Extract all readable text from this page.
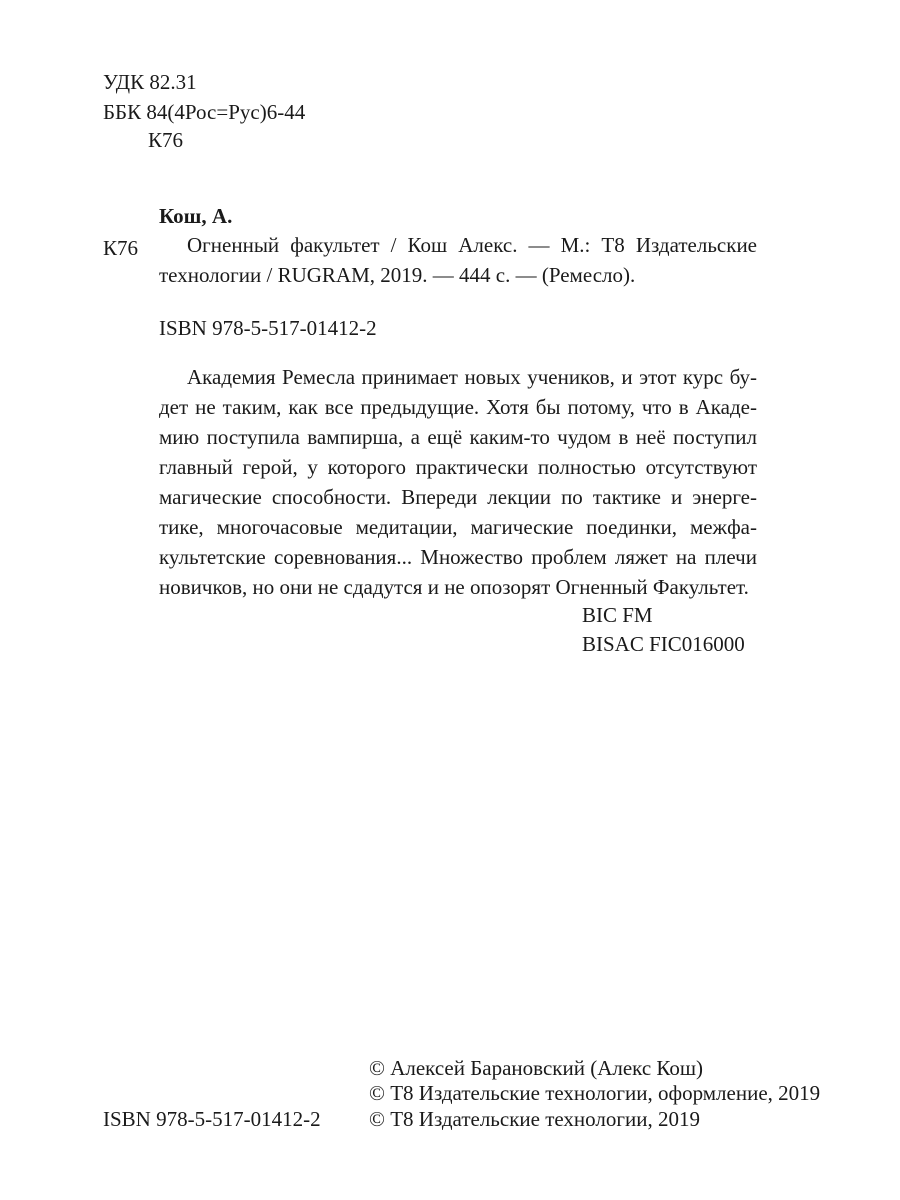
УДК 82.31
ББК 84(4Рос=Рус)6-44
К76
Кош, А.
К76	Огненный факультет / Кош Алекс. — М.: Т8 Издательские технологии / RUGRAM, 2019. — 444 с. — (Ремесло).
ISBN 978-5-517-01412-2
Академия Ремесла принимает новых учеников, и этот курс бу-
дет не таким, как все предыдущие. Хотя бы потому, что в Акаде-
мию поступила вампирша, а ещё каким-то чудом в неё поступил
главный герой, у которого практически полностью отсутствуют
магические способности. Впереди лекции по тактике и энерге-
тике, многочасовые медитации, магические поединки, межфа-
культетские соревнования... Множество проблем ляжет на плечи
новичков, но они не сдадутся и не опозорят Огненный Факультет.
BIC FM
BISAC FIC016000
© Алексей Барановский (Алекс Кош)
© Т8 Издательские технологии, оформление, 2019
© Т8 Издательские технологии, 2019
ISBN 978-5-517-01412-2
